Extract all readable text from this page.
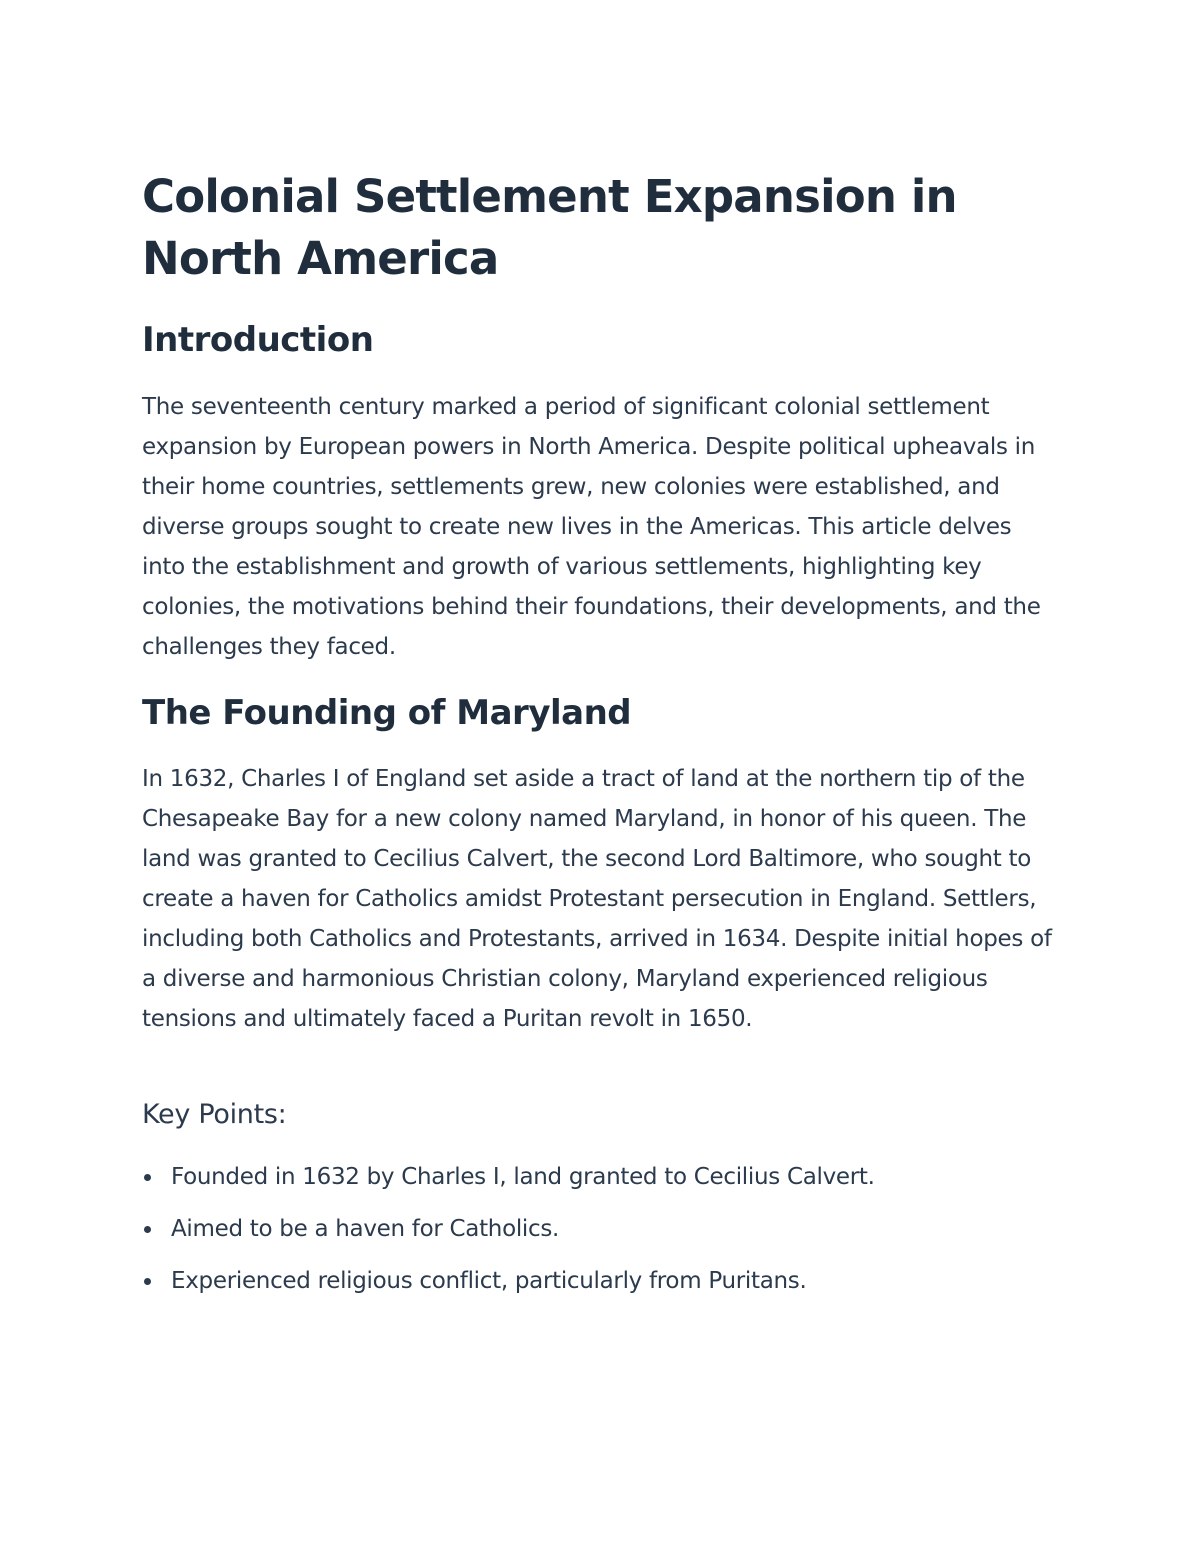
Colonial Settlement Expansion in North America
Introduction

The seventeenth century marked a period of significant colonial settlement expansion by European powers in North America. Despite political upheavals in their home countries, settlements grew, new colonies were established, and diverse groups sought to create new lives in the Americas. This article delves into the establishment and growth of various settlements, highlighting key colonies, the motivations behind their foundations, their developments, and the challenges they faced.

The Founding of Maryland

In 1632, Charles I of England set aside a tract of land at the northern tip of the Chesapeake Bay for a new colony named Maryland, in honor of his queen. The land was granted to Cecilius Calvert, the second Lord Baltimore, who sought to create a haven for Catholics amidst Protestant persecution in England. Settlers, including both Catholics and Protestants, arrived in 1634. Despite initial hopes of a diverse and harmonious Christian colony, Maryland experienced religious tensions and ultimately faced a Puritan revolt in 1650.

Key Points:
Founded in 1632 by Charles I, land granted to Cecilius Calvert.
Aimed to be a haven for Catholics.
Experienced religious conflict, particularly from Puritans.
